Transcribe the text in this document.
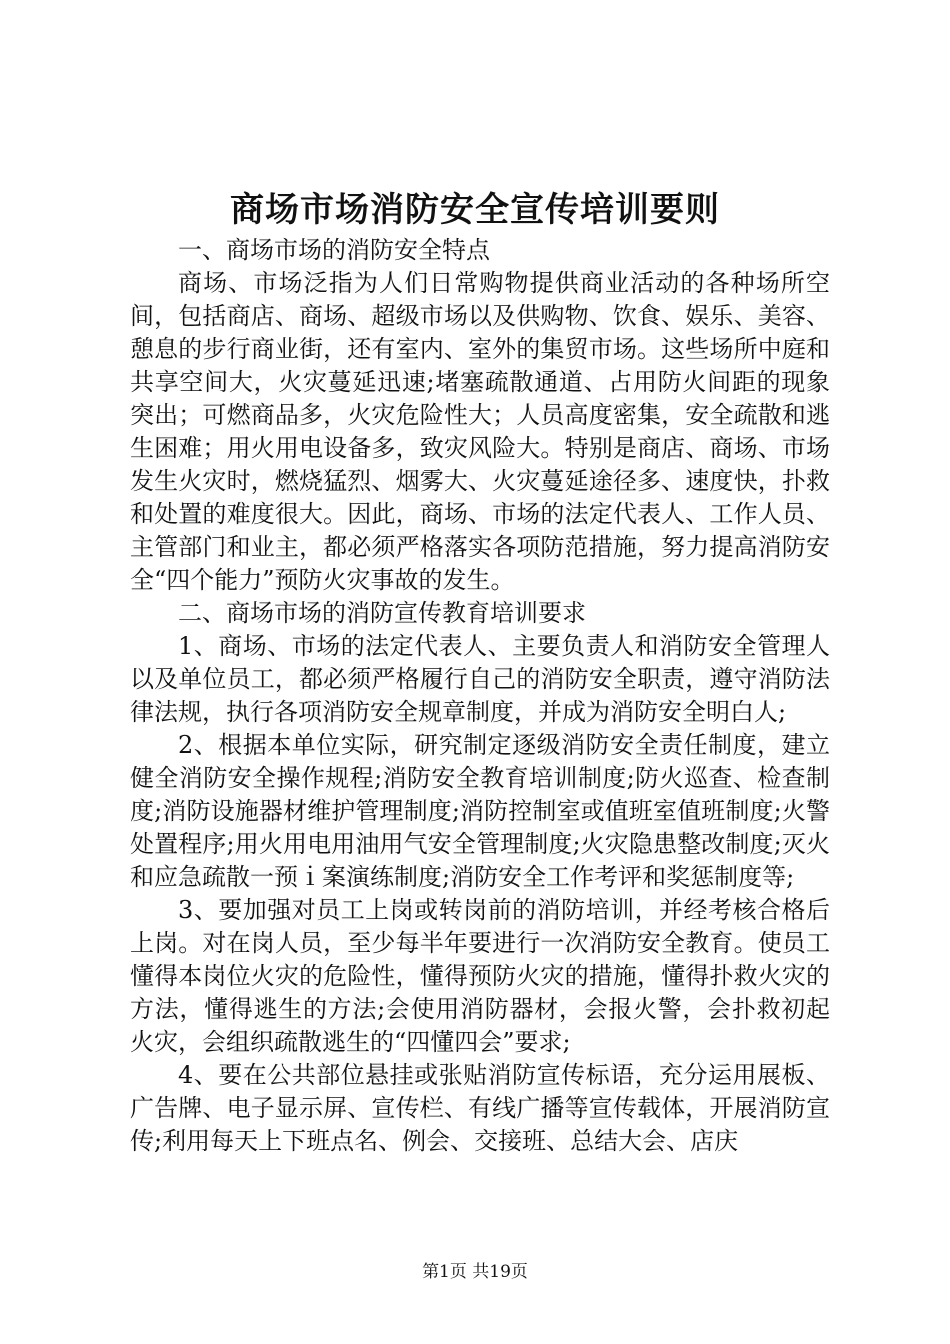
商场市场消防安全宣传培训要则

一、商场市场的消防安全特点

商场、市场泛指为人们日常购物提供商业活动的各种场所空间，包括商店、商场、超级市场以及供购物、饮食、娱乐、美容、憩息的步行商业街，还有室内、室外的集贸市场。这些场所中庭和共享空间大，火灾蔓延迅速;堵塞疏散通道、占用防火间距的现象突出；可燃商品多，火灾危险性大；人员高度密集，安全疏散和逃生困难；用火用电设备多，致灾风险大。特别是商店、商场、市场发生火灾时，燃烧猛烈、烟雾大、火灾蔓延途径多、速度快，扑救和处置的难度很大。因此，商场、市场的法定代表人、工作人员、主管部门和业主，都必须严格落实各项防范措施，努力提高消防安全“四个能力”预防火灾事故的发生。

二、商场市场的消防宣传教育培训要求

1、商场、市场的法定代表人、主要负责人和消防安全管理人以及单位员工，都必须严格履行自己的消防安全职责，遵守消防法律法规，执行各项消防安全规章制度，并成为消防安全明白人;

2、根据本单位实际，研究制定逐级消防安全责任制度，建立健全消防安全操作规程;消防安全教育培训制度;防火巡查、检查制度;消防设施器材维护管理制度;消防控制室或值班室值班制度;火警处置程序;用火用电用油用气安全管理制度;火灾隐患整改制度;灭火和应急疏散一预ｉ案演练制度;消防安全工作考评和奖惩制度等;

3、要加强对员工上岗或转岗前的消防培训，并经考核合格后上岗。对在岗人员，至少每半年要进行一次消防安全教育。使员工懂得本岗位火灾的危险性，懂得预防火灾的措施，懂得扑救火灾的方法，懂得逃生的方法;会使用消防器材，会报火警，会扑救初起火灾，会组织疏散逃生的“四懂四会”要求;

4、要在公共部位悬挂或张贴消防宣传标语，充分运用展板、广告牌、电子显示屏、宣传栏、有线广播等宣传载体，开展消防宣传;利用每天上下班点名、例会、交接班、总结大会、店庆

第1页 共19页
